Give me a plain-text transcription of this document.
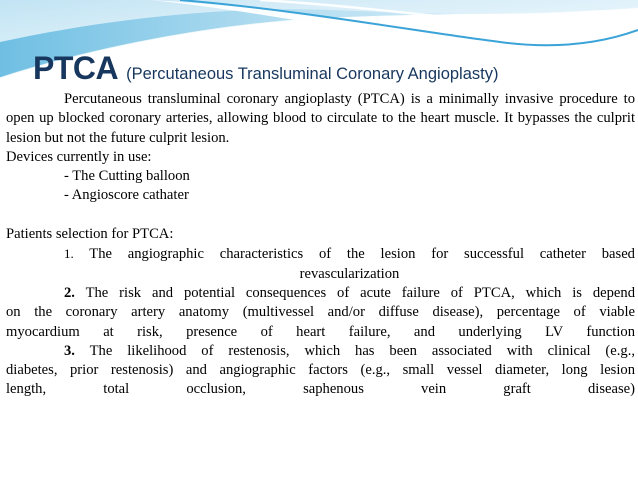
PTCA (Percutaneous Transluminal Coronary Angioplasty)

Percutaneous transluminal coronary angioplasty (PTCA) is a minimally invasive procedure to open up blocked coronary arteries, allowing blood to circulate to the heart muscle. It bypasses the culprit lesion but not the future culprit lesion.

Devices currently in use:

- The Cutting balloon

- Angioscore cathater

Patients selection for PTCA:

1. The angiographic characteristics of the lesion for successful catheter based

revascularization

2. The risk and potential consequences of acute failure of PTCA, which is depend

on the coronary artery anatomy (multivessel and/or diffuse disease), percentage of viable

myocardium at risk, presence of heart failure, and underlying LV function

3. The likelihood of restenosis, which has been associated with clinical (e.g.,

diabetes, prior restenosis) and angiographic factors (e.g., small vessel diameter, long lesion

length, total occlusion, saphenous vein graft disease)
